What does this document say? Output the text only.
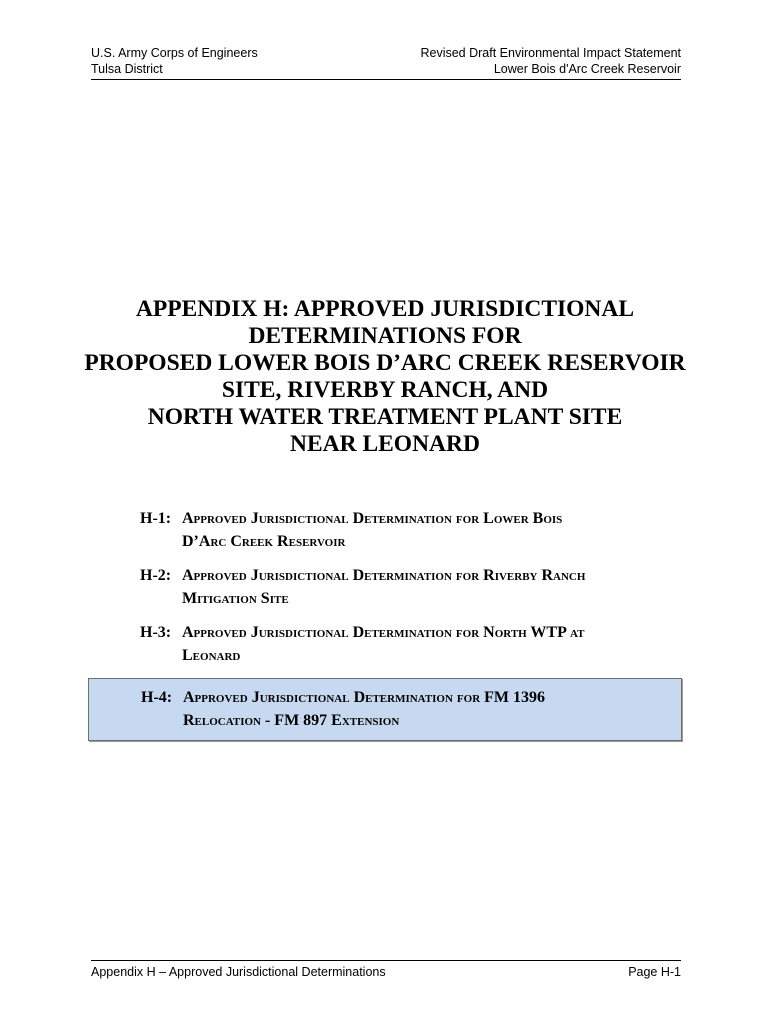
U.S. Army Corps of Engineers
Tulsa District
Revised Draft Environmental Impact Statement
Lower Bois d'Arc Creek Reservoir
APPENDIX H: APPROVED JURISDICTIONAL
DETERMINATIONS FOR
PROPOSED LOWER BOIS D’ARC CREEK RESERVOIR
SITE, RIVERBY RANCH, AND
NORTH WATER TREATMENT PLANT SITE
NEAR LEONARD
H-1: Approved Jurisdictional Determination for Lower Bois
D’Arc Creek Reservoir
H-2: Approved Jurisdictional Determination for Riverby Ranch
Mitigation Site
H-3: Approved Jurisdictional Determination for North WTP at
Leonard
H-4: Approved Jurisdictional Determination for FM 1396
Relocation - FM 897 Extension
Appendix H – Approved Jurisdictional Determinations	Page H-1
